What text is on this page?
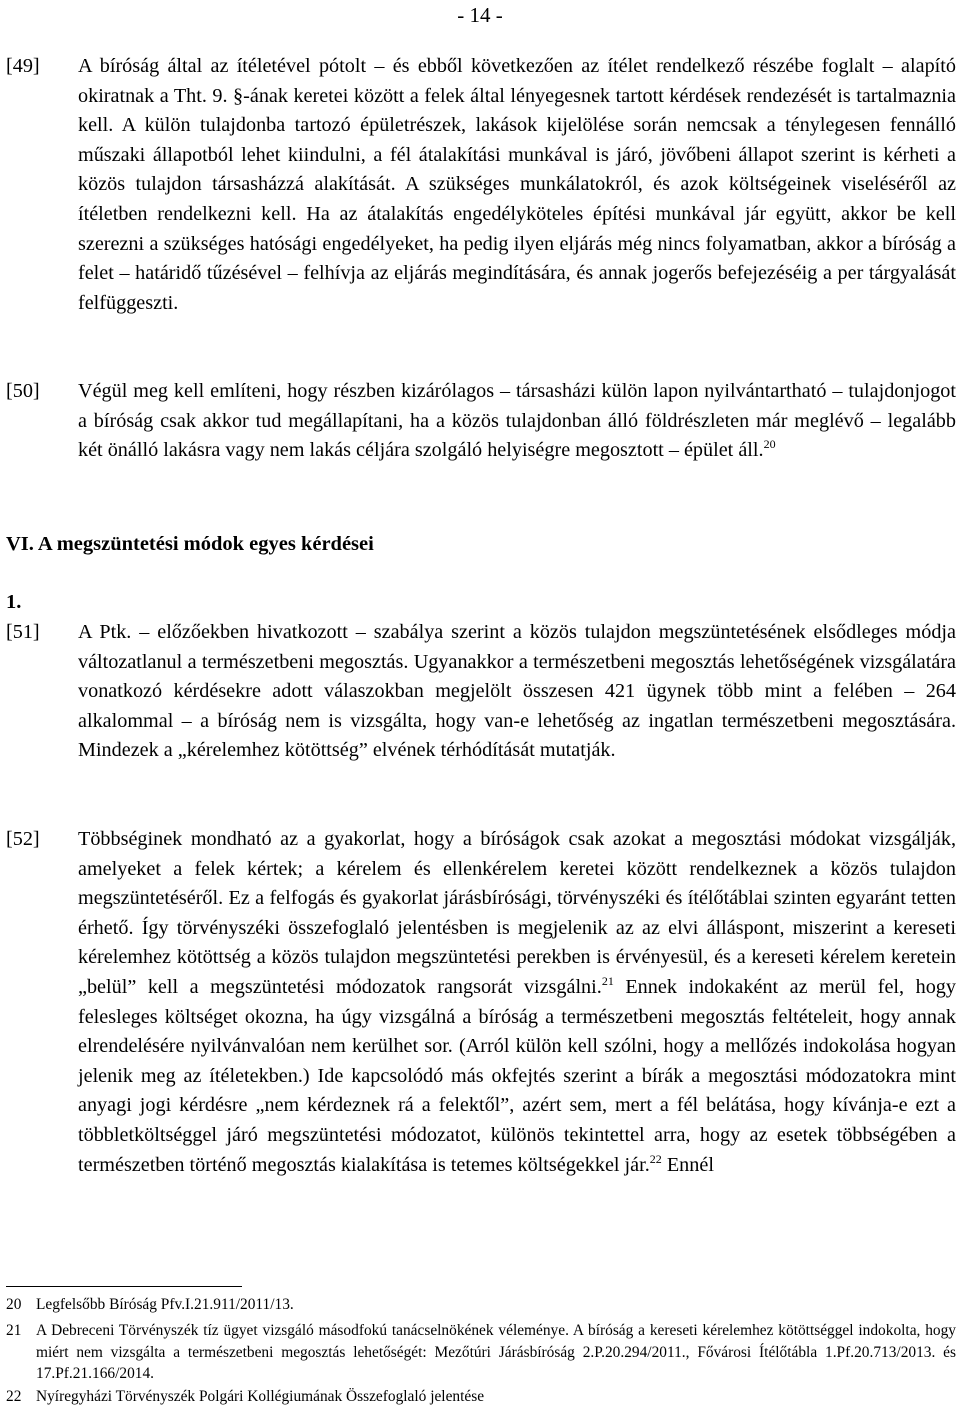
- 14 -
[49] A bíróság által az ítéletével pótolt – és ebből következően az ítélet rendelkező részébe foglalt – alapító okiratnak a Tht. 9. §-ának keretei között a felek által lényegesnek tartott kérdések rendezését is tartalmaznia kell. A külön tulajdonba tartozó épületrészek, lakások kijelölése során nemcsak a ténylegesen fennálló műszaki állapotból lehet kiindulni, a fél átalakítási munkával is járó, jövőbeni állapot szerint is kérheti a közös tulajdon társasházzá alakítását. A szükséges munkálatokról, és azok költségeinek viseléséről az ítéletben rendelkezni kell. Ha az átalakítás engedélyköteles építési munkával jár együtt, akkor be kell szerezni a szükséges hatósági engedélyeket, ha pedig ilyen eljárás még nincs folyamatban, akkor a bíróság a felet – határidő tűzésével – felhívja az eljárás megindítására, és annak jogerős befejezéséig a per tárgyalását felfüggeszti.
[50] Végül meg kell említeni, hogy részben kizárólagos – társasházi külön lapon nyilvántartható – tulajdonjogot a bíróság csak akkor tud megállapítani, ha a közös tulajdonban álló földrészleten már meglévő – legalább két önálló lakásra vagy nem lakás céljára szolgáló helyiségre megosztott – épület áll.$^{20}$
VI. A megszüntetési módok egyes kérdései
1.
[51] A Ptk. – előzőekben hivatkozott – szabálya szerint a közös tulajdon megszüntetésének elsődleges módja változatlanul a természetbeni megosztás. Ugyanakkor a természetbeni megosztás lehetőségének vizsgálatára vonatkozó kérdésekre adott válaszokban megjelölt összesen 421 ügynek több mint a felében – 264 alkalommal – a bíróság nem is vizsgálta, hogy van-e lehetőség az ingatlan természetbeni megosztására. Mindezek a „kérelemhez kötöttség” elvének térhódítását mutatják.
[52] Többséginek mondható az a gyakorlat, hogy a bíróságok csak azokat a megosztási módokat vizsgálják, amelyeket a felek kértek; a kérelem és ellenkérelem keretei között rendelkeznek a közös tulajdon megszüntetéséről. Ez a felfogás és gyakorlat járásbírósági, törvényszéki és ítélőtáblai szinten egyaránt tetten érhető. Így törvényszéki összefoglaló jelentésben is megjelenik az az elvi álláspont, miszerint a kereseti kérelemhez kötöttség a közös tulajdon megszüntetési perekben is érvényesül, és a kereseti kérelem keretein „belül” kell a megszüntetési módozatok rangsorát vizsgálni.$^{21}$ Ennek indokaként az merül fel, hogy felesleges költséget okozna, ha úgy vizsgálná a bíróság a természetbeni megosztás feltételeit, hogy annak elrendelésére nyilvánvalóan nem kerülhet sor. (Arról külön kell szólni, hogy a mellőzés indokolása hogyan jelenik meg az ítéletekben.) Ide kapcsolódó más okfejtés szerint a bírák a megosztási módozatokra mint anyagi jogi kérdésre „nem kérdeznek rá a felektől”, azért sem, mert a fél belátása, hogy kívánja-e ezt a többletköltséggel járó megszüntetési módozatot, különös tekintettel arra, hogy az esetek többségében a természetben történő megosztás kialakítása is tetemes költségekkel jár.$^{22}$ Ennél
20 Legfelsőbb Bíróság Pfv.I.21.911/2011/13.
21 A Debreceni Törvényszék tíz ügyet vizsgáló másodfokú tanácselnökének véleménye. A bíróság a kereseti kérelemhez kötöttséggel indokolta, hogy miért nem vizsgálta a természetbeni megosztás lehetőségét: Mezőtúri Járásbíróság 2.P.20.294/2011., Fővárosi Ítélőtábla 1.Pf.20.713/2013. és 17.Pf.21.166/2014.
22 Nyíregyházi Törvényszék Polgári Kollégiumának Összefoglaló jelentése
